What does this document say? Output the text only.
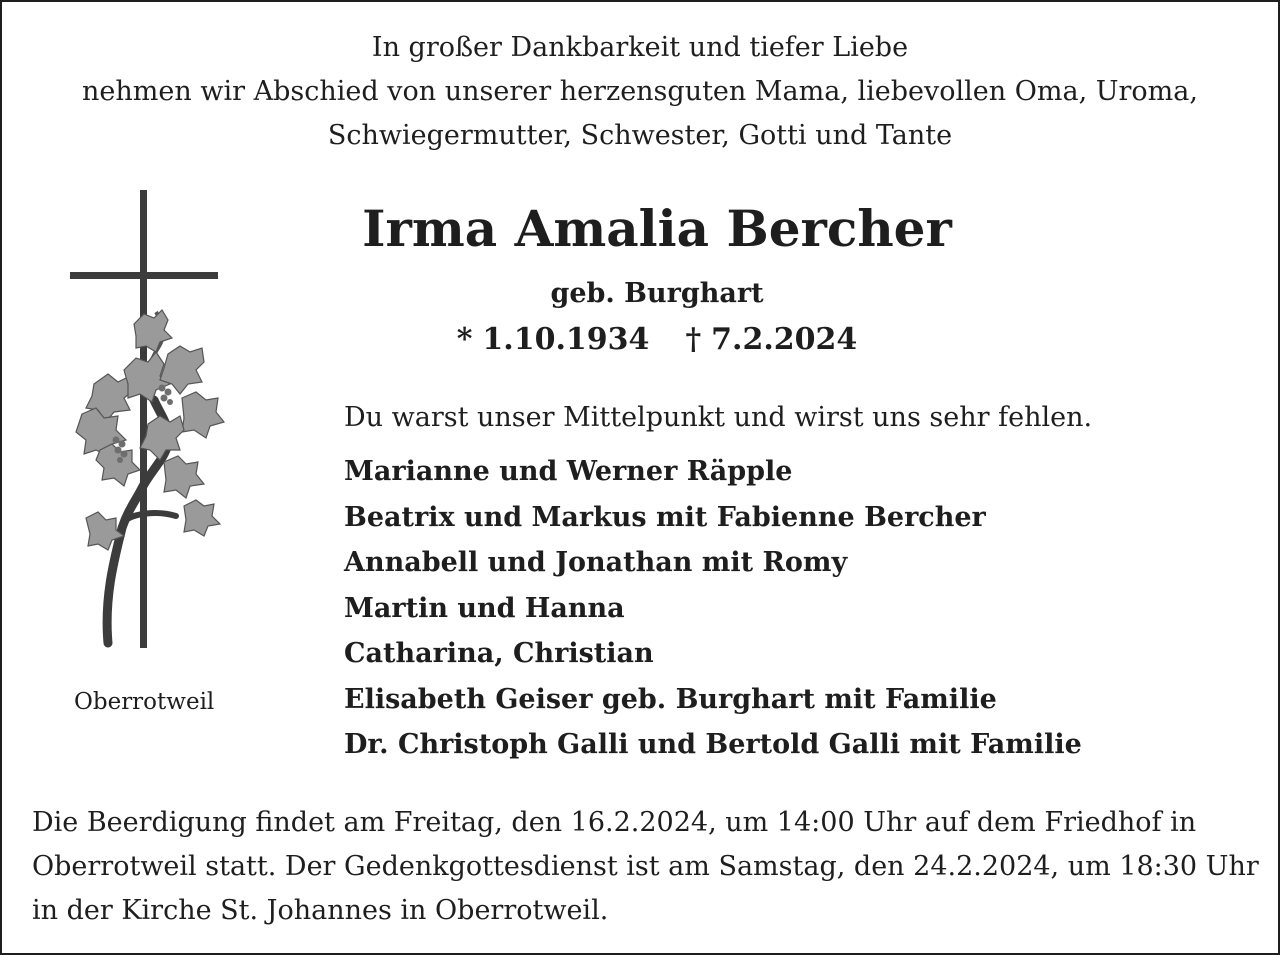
In großer Dankbarkeit und tiefer Liebe
nehmen wir Abschied von unserer herzensguten Mama, liebevollen Oma, Uroma,
Schwiegermutter, Schwester, Gotti und Tante
Oberrotweil
Irma Amalia Bercher
geb. Burghart
* 1.10.1934 † 7.2.2024
Du warst unser Mittelpunkt und wirst uns sehr fehlen.
Marianne und Werner Räpple
Beatrix und Markus mit Fabienne Bercher
Annabell und Jonathan mit Romy
Martin und Hanna
Catharina, Christian
Elisabeth Geiser geb. Burghart mit Familie
Dr. Christoph Galli und Bertold Galli mit Familie
Die Beerdigung findet am Freitag, den 16.2.2024, um 14:00 Uhr auf dem Friedhof in
Oberrotweil statt. Der Gedenkgottesdienst ist am Samstag, den 24.2.2024, um 18:30 Uhr
in der Kirche St. Johannes in Oberrotweil.
